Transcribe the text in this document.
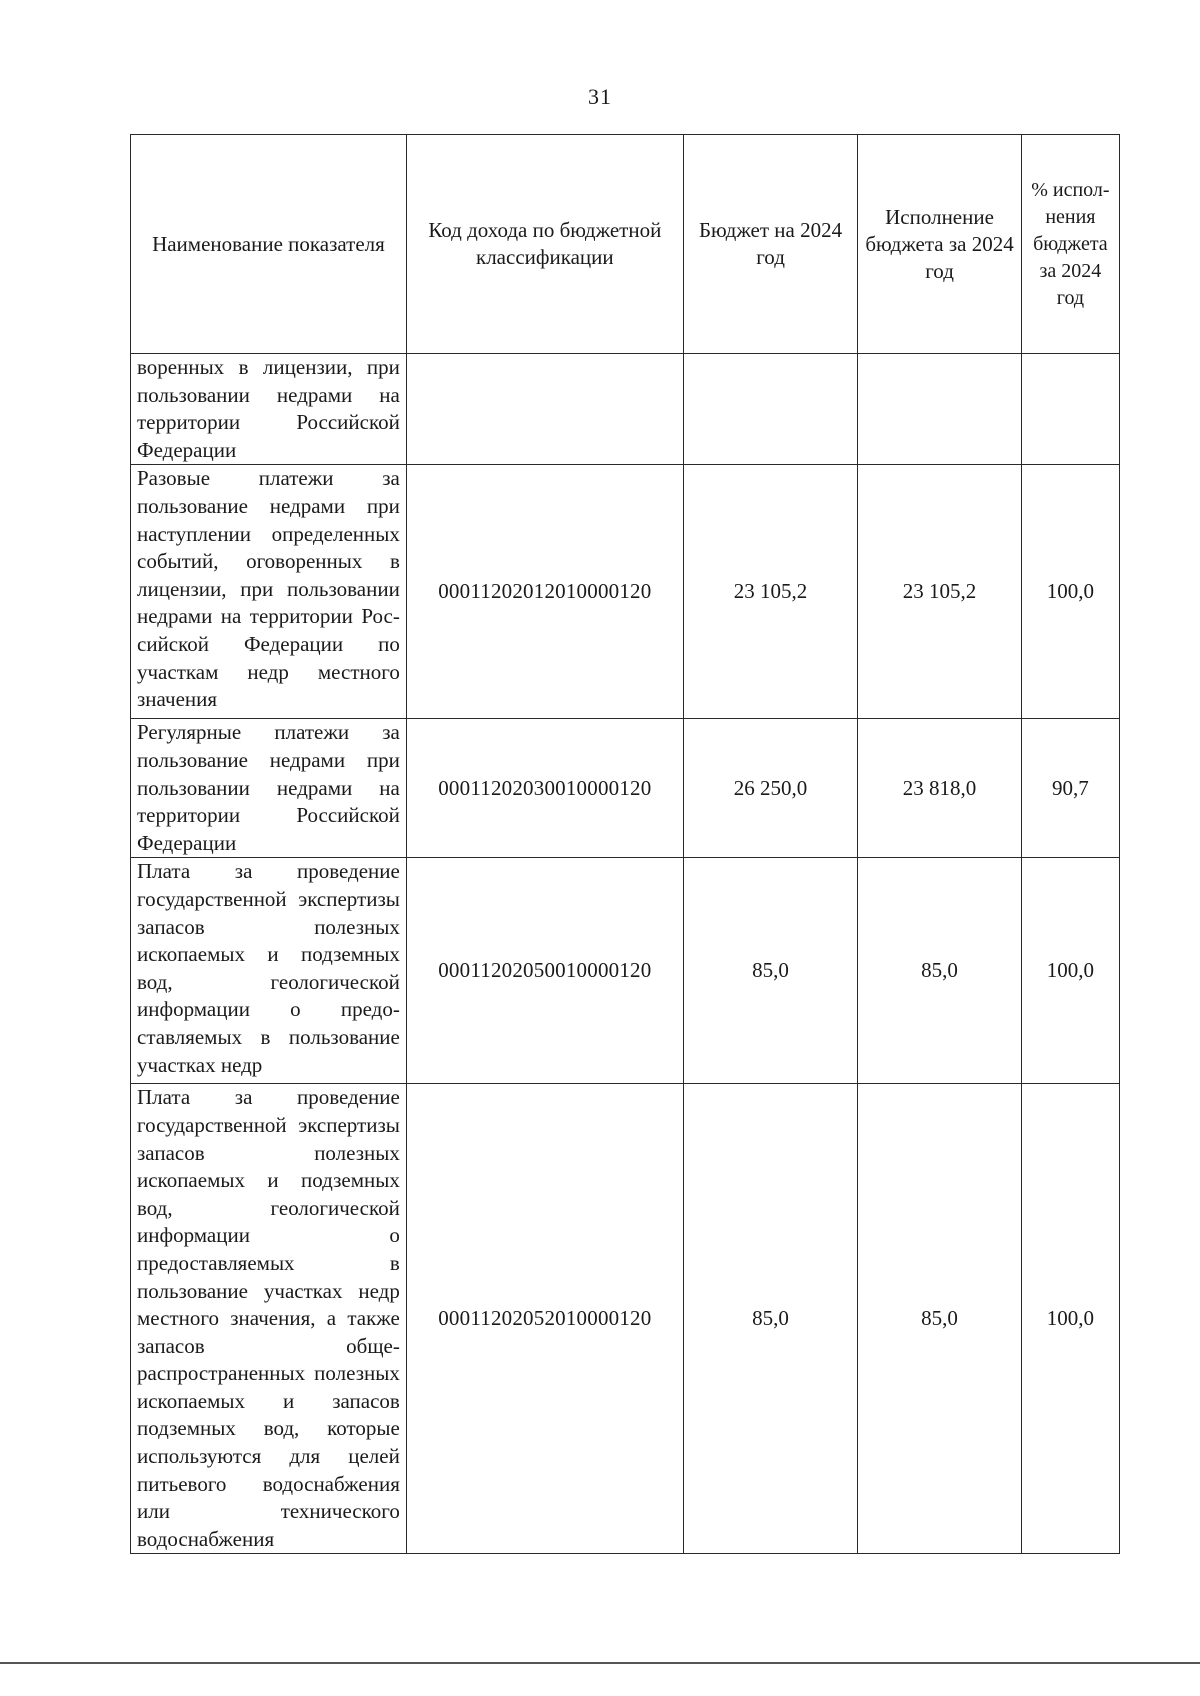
31
Наименование показателя	Код дохода по бюджетной классификации	Бюджет на 2024 год	Исполнение бюджета за 2024 год	% исполнения бюджета за 2024 год
воренных в лицензии, при пользовании недрами на территории Российской Федерации				
Разовые платежи за пользование недрами при наступлении определенных событий, оговоренных в лицензии, при пользовании недрами на территории Российской Федерации по участкам недр местного значения	00011202012010000120	23 105,2	23 105,2	100,0
Регулярные платежи за пользование недрами при пользовании недрами на территории Российской Федерации	00011202030010000120	26 250,0	23 818,0	90,7
Плата за проведение государственной экспертизы запасов полезных ископаемых и подземных вод, геологической информации о предоставляемых в пользование участках недр	00011202050010000120	85,0	85,0	100,0
Плата за проведение государственной экспертизы запасов полезных ископаемых и подземных вод, геологической информации о предоставляемых в пользование участках недр местного значения, а также запасов общераспространенных полезных ископаемых и запасов подземных вод, которые используются для целей питьевого водоснабжения или технического водоснабжения	00011202052010000120	85,0	85,0	100,0
